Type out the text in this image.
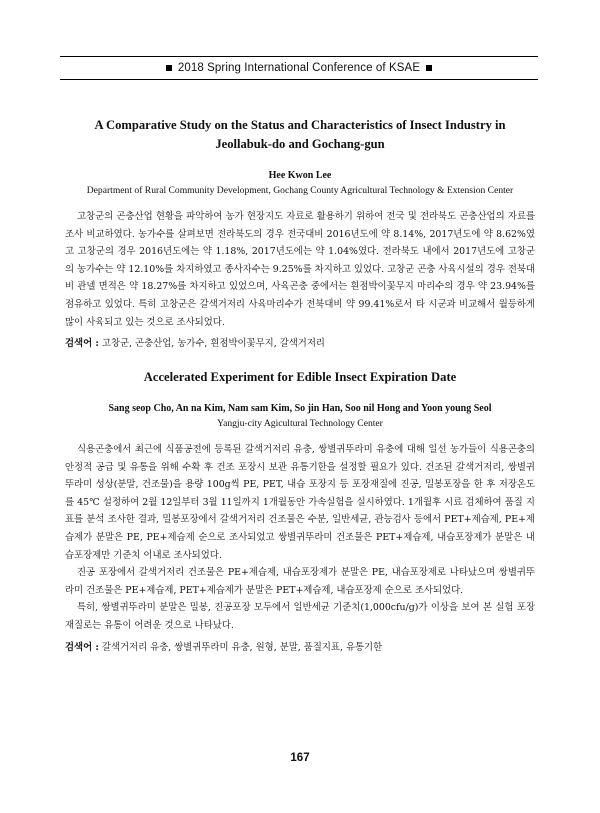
2018 Spring International Conference of KSAE
A Comparative Study on the Status and Characteristics of Insect Industry in
Jeollabuk-do and Gochang-gun
Hee Kwon Lee
Department of Rural Community Development, Gochang County Agricultural Technology & Extension Center

고창군의 곤충산업 현황을 파악하여 농가 현장지도 자료로 활용하기 위하여 전국 및 전라북도 곤충산업의 자료를 조사 비교하였다. 농가수를 살펴보면 전라북도의 경우 전국대비 2016년도에 약 8.14%, 2017년도에 약 8.62%였고 고창군의 경우 2016년도에는 약 1.18%, 2017년도에는 약 1.04%였다. 전라북도 내에서 2017년도에 고창군의 농가수는 약 12.10%를 차지하였고 종사자수는 9.25%를 차지하고 있었다. 고창군 곤충 사육시설의 경우 전북대비 관넬 면적은 약 18.27%를 차지하고 있었으며, 사육곤충 중에서는 흰점박이꽃무지 마리수의 경우 약 23.94%를 점유하고 있었다. 특히 고창군은 갈색거저리 사육마리수가 전북대비 약 99.41%로서 타 시군과 비교해서 월등하게 많이 사육되고 있는 것으로 조사되었다.

검색어 : 고창군, 곤충산업, 농가수, 흰점박이꽃무지, 갈색거저리
Accelerated Experiment for Edible Insect Expiration Date
Sang seop Cho, An na Kim, Nam sam Kim, So jin Han, Soo nil Hong and Yoon young Seol
Yangju-city Agicultural Technology Center

식용곤충에서 최근에 식품공전에 등록된 갈색거저리 유충, 쌍별귀뚜라미 유충에 대해 일선 농가들이 식용곤충의 안정적 공급 및 유통을 위해 수확 후 건조 포장시 보관 유통기한을 설정할 필요가 있다. 건조된 갈색거저리, 쌍별귀뚜라미 성상(분말, 건조물)을 용량 100g씩 PE, PET, 내습 포장지 등 포장재질에 진공, 밀봉포장을 한 후 저장온도를 45℃ 설정하여 2월 12일부터 3월 11일까지 1개월동안 가속실험을 실시하였다. 1개월후 시료 검체하여 품질 지표를 분석 조사한 결과, 밀봉포장에서 갈색거저리 건조물은 수분, 일반세균, 관능검사 등에서 PET+제습제, PE+제습제가 분말은 PE, PE+제습제 순으로 조사되었고 쌍별귀뚜라미 건조물은 PET+제습제, 내습포장제가 분말은 내습포장제만 기준치 이내로 조사되었다.

진공 포장에서 갈색거저리 건조물은 PE+제습제, 내습포장제가 분말은 PE, 내습포장제로 나타났으며 쌍별귀뚜라미 건조물은 PE+제습제, PET+제습제가 분말은 PET+제습제, 내습포장제 순으로 조사되었다.

특히, 쌍별귀뚜라미 분말은 밀봉, 진공포장 모두에서 일반세균 기준치(1,000cfu/g)가 이상을 보여 본 실험 포장재질로는 유통이 어려운 것으로 나타났다.

검색어 : 갈색거저리 유충, 쌍별귀뚜라미 유충, 원형, 분말, 품질지표, 유통기한
167
